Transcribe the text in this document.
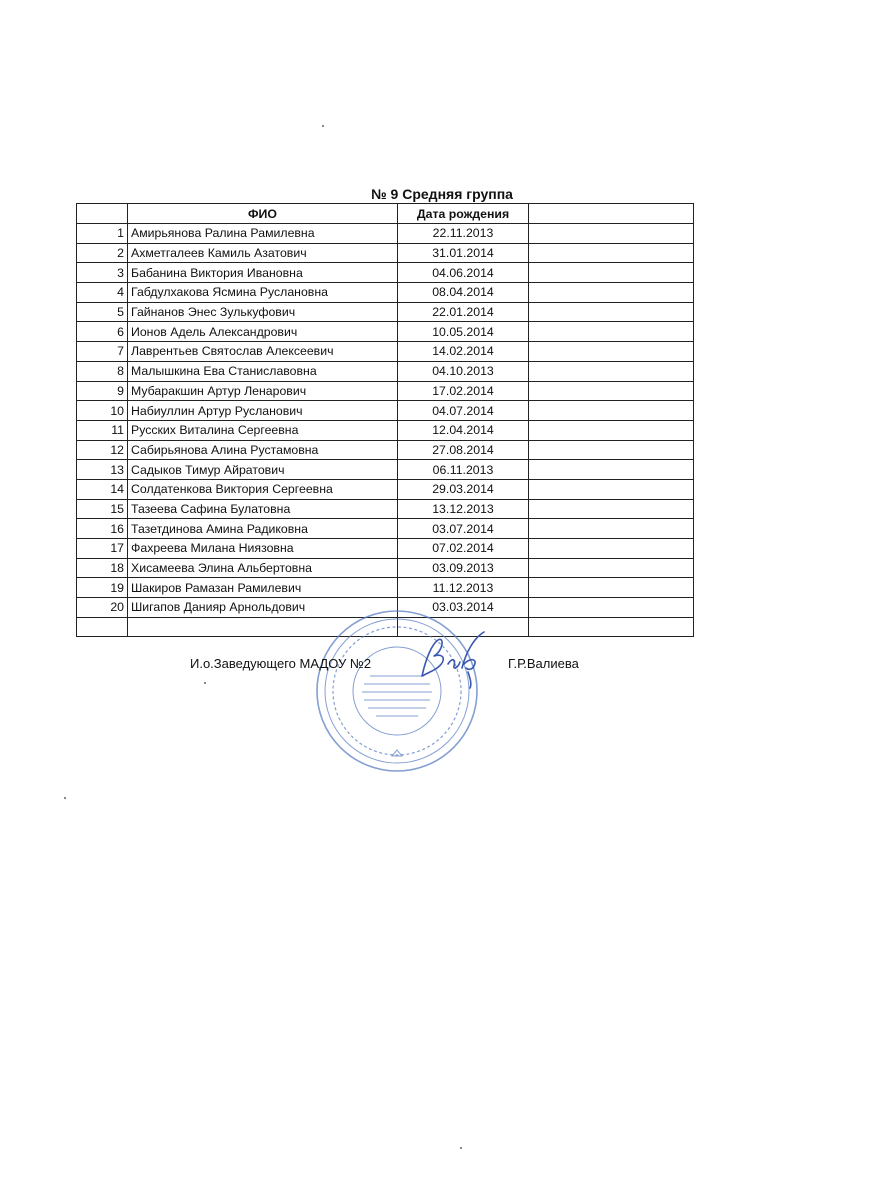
№ 9 Средняя группа
	ФИО	Дата рождения	
1	Амирьянова Ралина Рамилевна	22.11.2013	
2	Ахметгалеев Камиль Азатович	31.01.2014	
3	Бабанина Виктория Ивановна	04.06.2014	
4	Габдулхакова Ясмина Руслановна	08.04.2014	
5	Гайнанов Энес Зулькуфович	22.01.2014	
6	Ионов Адель Александрович	10.05.2014	
7	Лаврентьев Святослав Алексеевич	14.02.2014	
8	Малышкина Ева Станиславовна	04.10.2013	
9	Мубаракшин Артур Ленарович	17.02.2014	
10	Набиуллин Артур Русланович	04.07.2014	
11	Русских Виталина Сергеевна	12.04.2014	
12	Сабирьянова Алина Рустамовна	27.08.2014	
13	Садыков Тимур Айратович	06.11.2013	
14	Солдатенкова Виктория Сергеевна	29.03.2014	
15	Тазеева Сафина Булатовна	13.12.2013	
16	Тазетдинова Амина Радиковна	03.07.2014	
17	Фахреева Милана Ниязовна	07.02.2014	
18	Хисамеева Элина Альбертовна	03.09.2013	
19	Шакиров Рамазан Рамилевич	11.12.2013	
20	Шигапов Данияр Арнольдович	03.03.2014	

И.о.Заведующего МАДОУ №2	Г.Р.Валиева
